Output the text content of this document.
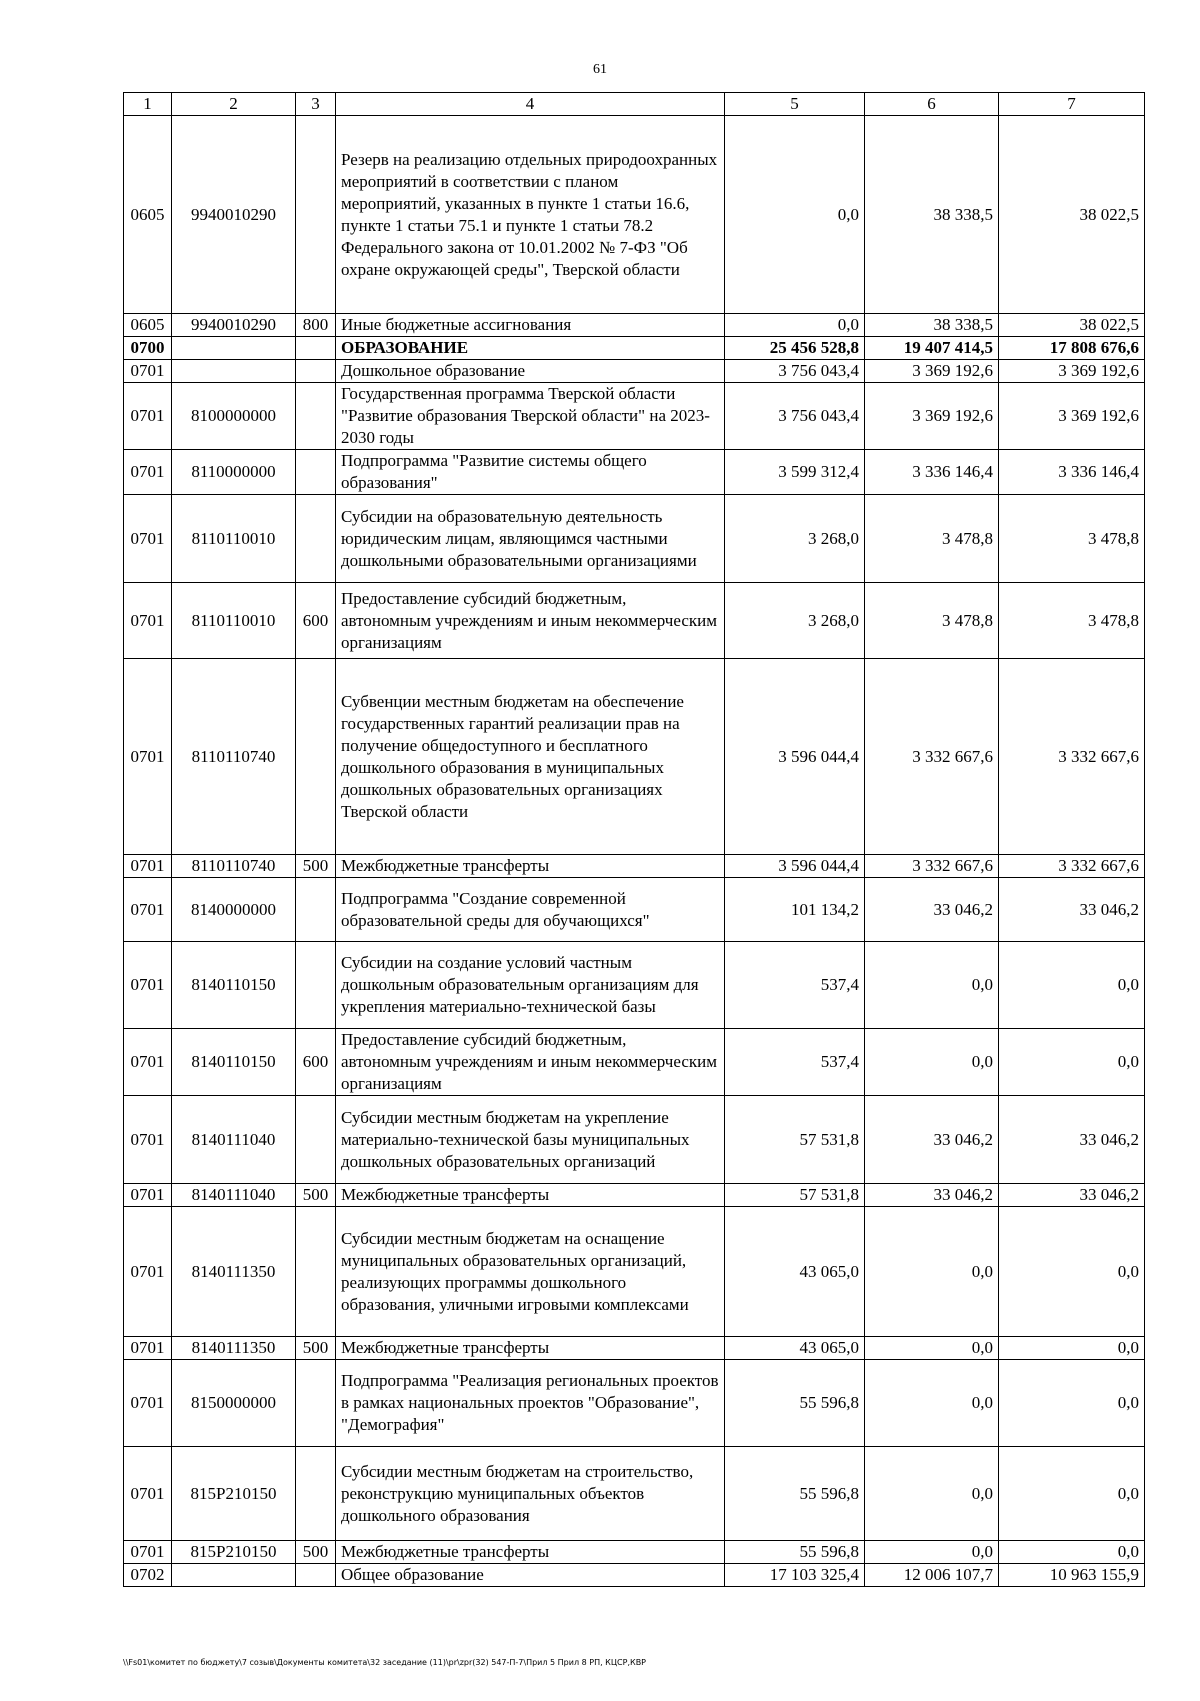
61
1	2	3	4	5	6	7
0605	9940010290		Резерв на реализацию отдельных природоохранных мероприятий в соответствии с планом мероприятий, указанных в пункте 1 статьи 16.6, пункте 1 статьи 75.1 и пункте 1 статьи 78.2 Федерального закона от 10.01.2002 № 7-ФЗ "Об охране окружающей среды", Тверской области	0,0	38 338,5	38 022,5
0605	9940010290	800	Иные бюджетные ассигнования	0,0	38 338,5	38 022,5
0700			ОБРАЗОВАНИЕ	25 456 528,8	19 407 414,5	17 808 676,6
0701			Дошкольное образование	3 756 043,4	3 369 192,6	3 369 192,6
0701	8100000000		Государственная программа Тверской области "Развитие образования Тверской области" на 2023-2030 годы	3 756 043,4	3 369 192,6	3 369 192,6
0701	8110000000		Подпрограмма "Развитие системы общего образования"	3 599 312,4	3 336 146,4	3 336 146,4
0701	8110110010		Субсидии на образовательную деятельность юридическим лицам, являющимся частными дошкольными образовательными организациями	3 268,0	3 478,8	3 478,8
0701	8110110010	600	Предоставление субсидий бюджетным, автономным учреждениям и иным некоммерческим организациям	3 268,0	3 478,8	3 478,8
0701	8110110740		Субвенции местным бюджетам на обеспечение государственных гарантий реализации прав на получение общедоступного и бесплатного дошкольного образования в муниципальных дошкольных образовательных организациях Тверской области	3 596 044,4	3 332 667,6	3 332 667,6
0701	8110110740	500	Межбюджетные трансферты	3 596 044,4	3 332 667,6	3 332 667,6
0701	8140000000		Подпрограмма "Создание современной образовательной среды для обучающихся"	101 134,2	33 046,2	33 046,2
0701	8140110150		Субсидии на создание условий частным дошкольным образовательным организациям для укрепления материально-технической базы	537,4	0,0	0,0
0701	8140110150	600	Предоставление субсидий бюджетным, автономным учреждениям и иным некоммерческим организациям	537,4	0,0	0,0
0701	8140111040		Субсидии местным бюджетам на укрепление материально-технической базы муниципальных дошкольных образовательных организаций	57 531,8	33 046,2	33 046,2
0701	8140111040	500	Межбюджетные трансферты	57 531,8	33 046,2	33 046,2
0701	8140111350		Субсидии местным бюджетам на оснащение муниципальных образовательных организаций, реализующих программы дошкольного образования, уличными игровыми комплексами	43 065,0	0,0	0,0
0701	8140111350	500	Межбюджетные трансферты	43 065,0	0,0	0,0
0701	8150000000		Подпрограмма "Реализация региональных проектов в рамках национальных проектов "Образование", "Демография"	55 596,8	0,0	0,0
0701	815P210150		Субсидии местным бюджетам на строительство, реконструкцию муниципальных объектов дошкольного образования	55 596,8	0,0	0,0
0701	815P210150	500	Межбюджетные трансферты	55 596,8	0,0	0,0
0702			Общее образование	17 103 325,4	12 006 107,7	10 963 155,9
\\Fs01\комитет по бюджету\7 созыв\Документы комитета\32 заседание (11)\pr\zpr(32) 547-П-7\Прил 5 Прил 8 РП, КЦСР,КВР
